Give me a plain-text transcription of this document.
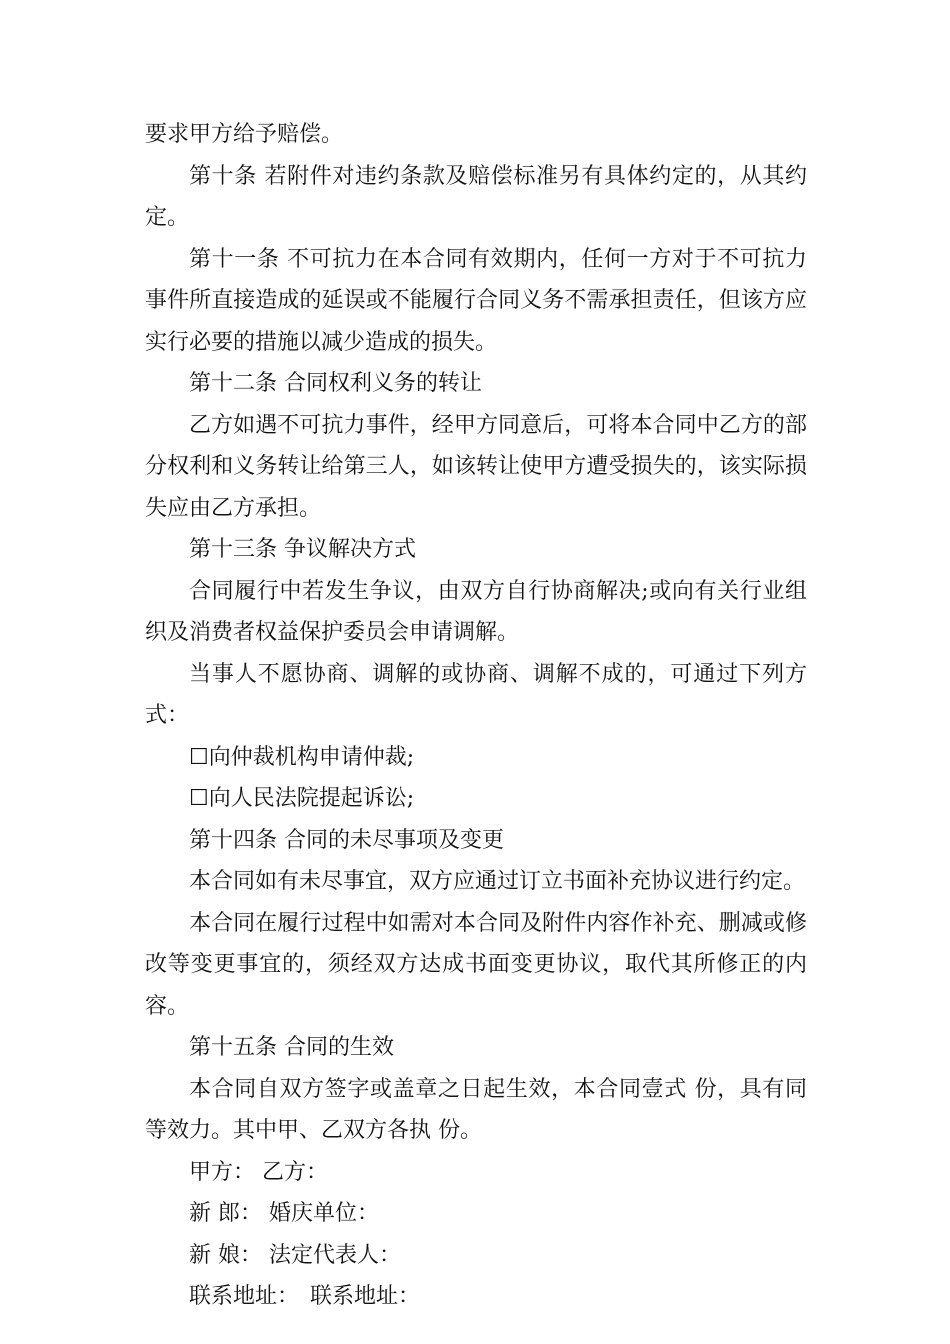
要求甲方给予赔偿。

第十条 若附件对违约条款及赔偿标准另有具体约定的，从其约定。

第十一条 不可抗力在本合同有效期内，任何一方对于不可抗力事件所直接造成的延误或不能履行合同义务不需承担责任，但该方应实行必要的措施以减少造成的损失。

第十二条 合同权利义务的转让

乙方如遇不可抗力事件，经甲方同意后，可将本合同中乙方的部分权利和义务转让给第三人，如该转让使甲方遭受损失的，该实际损失应由乙方承担。

第十三条 争议解决方式

合同履行中若发生争议，由双方自行协商解决;或向有关行业组织及消费者权益保护委员会申请调解。

当事人不愿协商、调解的或协商、调解不成的，可通过下列方式：

☐向仲裁机构申请仲裁;

☐向人民法院提起诉讼;

第十四条 合同的未尽事项及变更

本合同如有未尽事宜，双方应通过订立书面补充协议进行约定。

本合同在履行过程中如需对本合同及附件内容作补充、删减或修改等变更事宜的，须经双方达成书面变更协议，取代其所修正的内容。

第十五条 合同的生效

本合同自双方签字或盖章之日起生效，本合同壹式 份，具有同等效力。其中甲、乙双方各执 份。

甲方： 乙方：

新 郎： 婚庆单位：

新 娘： 法定代表人：

联系地址：　联系地址：
